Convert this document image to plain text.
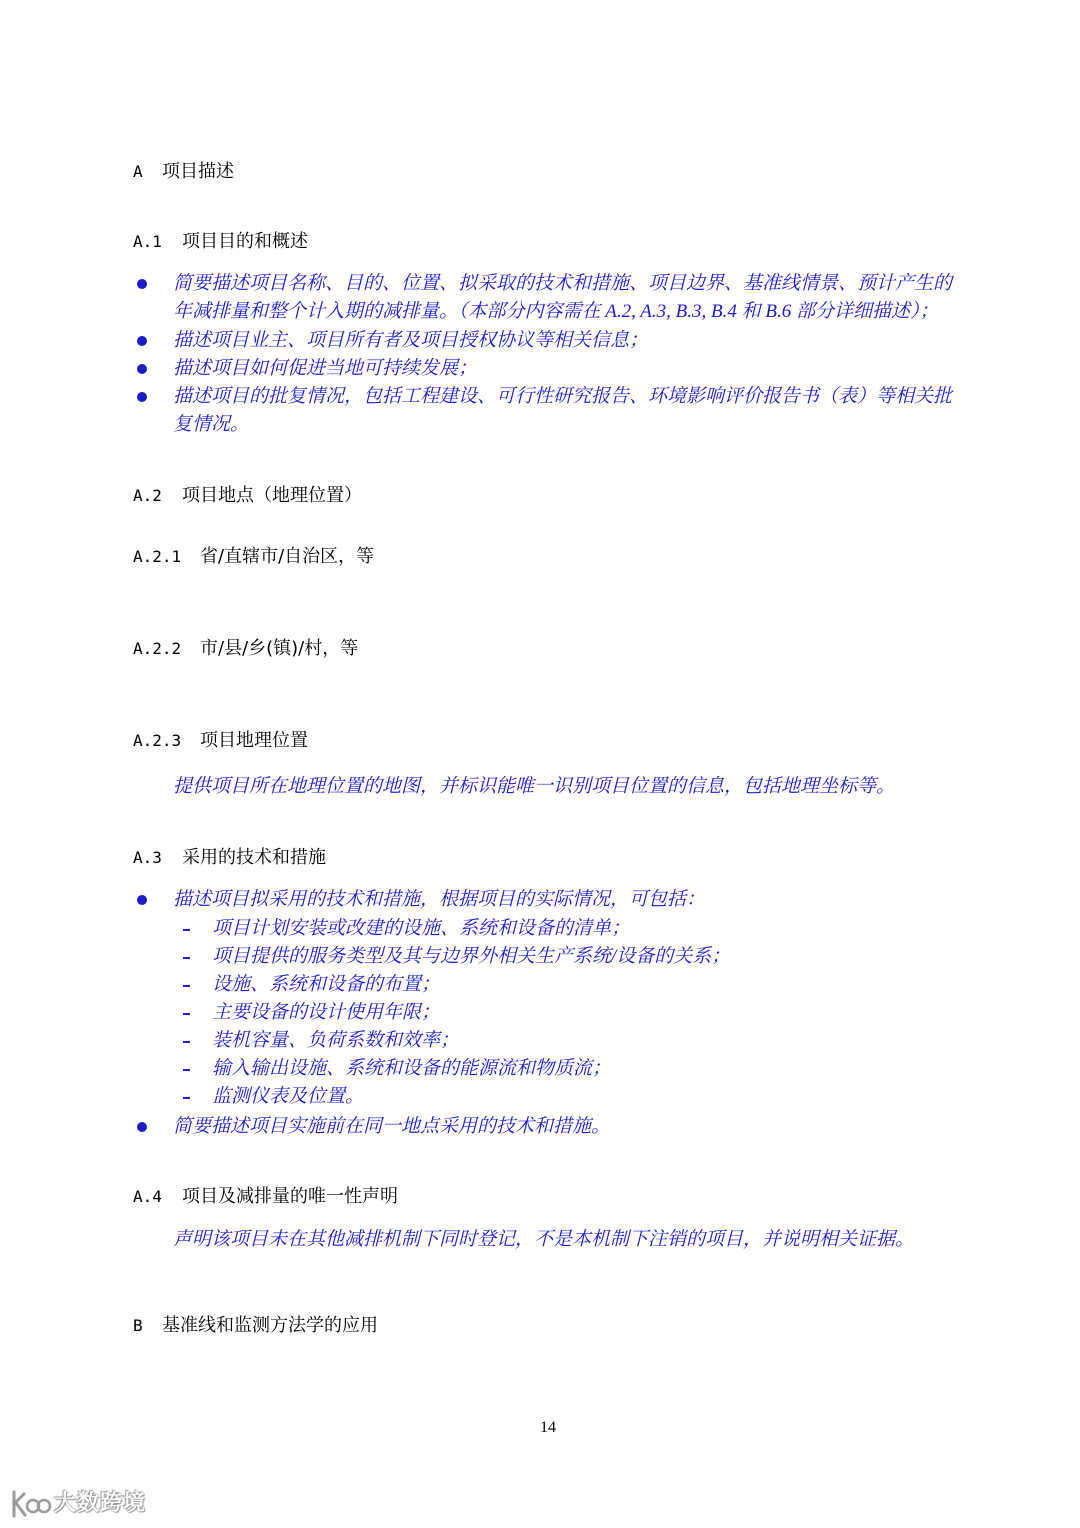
A 项目描述
A.1 项目目的和概述
简要描述项目名称、目的、位置、拟采取的技术和措施、项目边界、基准线情景、预计产生的
年减排量和整个计入期的减排量。（本部分内容需在 A.2, A.3, B.3, B.4 和 B.6 部分详细描述）；
描述项目业主、项目所有者及项目授权协议等相关信息；
描述项目如何促进当地可持续发展；
描述项目的批复情况，包括工程建设、可行性研究报告、环境影响评价报告书（表）等相关批
复情况。
A.2 项目地点（地理位置）
A.2.1 省/直辖市/自治区，等
A.2.2 市/县/乡(镇)/村，等
A.2.3 项目地理位置
提供项目所在地理位置的地图，并标识能唯一识别项目位置的信息，包括地理坐标等。
A.3 采用的技术和措施
描述项目拟采用的技术和措施，根据项目的实际情况，可包括：
项目计划安装或改建的设施、系统和设备的清单；
项目提供的服务类型及其与边界外相关生产系统/设备的关系；
设施、系统和设备的布置；
主要设备的设计使用年限；
装机容量、负荷系数和效率；
输入输出设施、系统和设备的能源流和物质流；
监测仪表及位置。
简要描述项目实施前在同一地点采用的技术和措施。
A.4 项目及减排量的唯一性声明
声明该项目未在其他减排机制下同时登记，不是本机制下注销的项目，并说明相关证据。
B 基准线和监测方法学的应用
14
大数跨境
